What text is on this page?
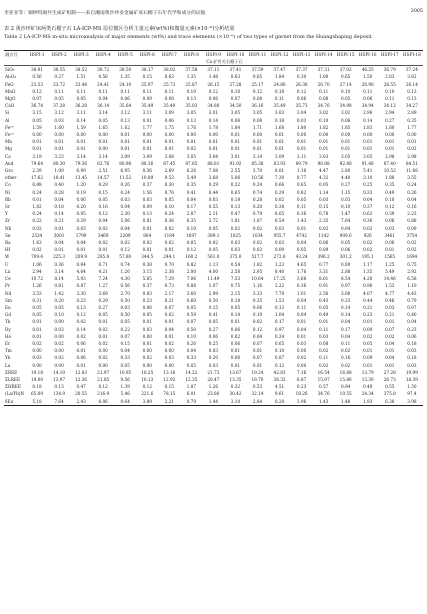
李亚亚等：铜钟钨锡共生成矿机制——来自湘南黄沙坪多金属矿床石榴子石年代学和成分的证据	2005
表 2 黄沙坪矿床两类石榴子石 LA-ICP-MS 原位微区分析主量元素(wt%)和微量元素(×10⁻⁶)分析结果
Table 2 LA-ICP-MS in-situ microanalysis of major elements (wt%) and trace elements (×10⁻⁶) of two types of garnet from the Huangshaping deposit
测点号	HSPI-1	HSPI-2	HSPI-3	HSPI-4	HSPI-5	HSPI-6	HSPI-7	HSPI-8	HSPI-9	HSPI-10	HSPI-11	HSPI-12	HSPI-13	HSPI-14	HSPI-15	HSPI-16	HSPI-17	HSPI-18
	Ca 矿有关石榴子石																	
SiO₂	38.91	38.55	38.52	38.72	38.50	38.17	38.02	37.58	37.11	37.41	37.59	37.47	37.37	37.31	37.02	46.25	36.79	37.24
Al₂O₃	0.56	0.27	1.51	0.56	1.35	0.15	0.63	1.35	1.48	0.63	0.85	1.84	0.30	1.00	0.65	1.50	2.83	3.62
FeO	23.53	23.72	23.48	24.41	24.10	25.97	25.73	25.87	26.15	27.28	25.17	24.80	26.38	26.70	27.14	26.90	26.55	26.14
MnO	0.12	0.11	0.11	0.11	0.11	0.11	0.11	0.10	0.12	0.10	0.12	0.18	0.12	0.11	0.10	0.11	0.10	0.13
MgO	0.07	0.05	0.05	0.04	0.06	0.09	0.08	0.13	0.06	0.07	0.08	0.11	0.06	0.08	0.05	0.06	0.11	0.13
CaO	36.74	37.28	36.28	36.14	35.64	35.49	35.40	35.03	34.88	34.50	36.16	35.49	35.73	34.76	34.98	34.94	34.12	34.27
Si	3.15	3.12	3.11	3.14	3.12	3.11	3.09	3.05	3.01	3.05	3.05	3.03	3.04	3.02	3.02	2.96	2.94	2.89
Al	0.05	0.03	0.14	0.05	0.13	0.01	0.06	0.13	0.14	0.06	0.08	0.18	0.03	0.10	0.06	0.14	0.27	0.35
Fe³⁺	1.59	1.60	1.59	1.65	1.62	1.77	1.75	1.76	1.78	1.84	1.71	1.68	1.80	1.82	1.85	1.83	1.80	1.77
Fe²⁺	0.00	0.00	0.00	0.00	0.01	0.00	0.00	0.00	0.00	0.01	0.00	0.01	0.00	0.00	0.00	0.00	0.00	0.00
Mn	0.01	0.01	0.01	0.01	0.01	0.01	0.01	0.01	0.01	0.01	0.01	0.01	0.01	0.01	0.01	0.01	0.01	0.01
Mg	0.01	0.01	0.01	0.00	0.01	0.01	0.01	0.02	0.01	0.01	0.01	0.01	0.01	0.01	0.01	0.01	0.01	0.02
Ca	3.19	3.23	3.14	3.14	3.09	3.09	3.08	3.05	3.04	3.01	3.14	3.09	3.11	3.03	3.05	3.05	2.98	2.98
And	79.64	80.30	79.36	82.76	80.98	88.36	87.45	87.85	88.81	91.92	85.38	83.93	89.79	90.88	92.48	91.48	87.40	84.51
Gro	2.39	1.09	6.99	2.51	6.95	0.36	2.69	6.26	7.08	2.55	3.70	8.01	1.16	4.47	2.80	5.41	10.52	11.66
other	17.62	18.41	13.45	14.57	11.52	10.89	9.53	5.49	3.68	5.06	10.56	7.30	8.77	4.32	4.40	3.10	1.88	3.55
Co	6.88	0.40	1.20	0.29	0.26	0.37	0.30	0.35	0.29	0.22	0.24	0.66	0.65	0.95	0.27	0.25	0.35	0.24
Ni	0.24	0.28	0.19	0.15	0.24	1.56	0.76	0.41	0.44	0.65	0.74	0.29	0.82	1.14	1.15	0.33	0.49	0.26
Rb	0.01	0.04	0.06	0.05	0.03	0.03	0.05	0.04	0.03	0.18	0.28	0.02	0.05	0.03	0.03	0.04	0.10	0.04
Sr	1.82	0.18	0.20	0.16	0.04	0.09	0.10	0.17	0.55	0.13	0.20	0.38	0.11	0.15	0.10	0.37	0.12	0.16
Y	0.24	0.14	0.95	0.12	2.30	0.13	0.24	2.87	2.11	0.47	0.79	8.05	0.36	0.78	1.47	0.62	0.39	2.23
Zr	0.22	0.21	0.29	0.04	5.06	0.81	0.36	6.35	2.72	1.81	1.87	6.54	1.43	2.35	7.64	0.36	0.06	0.88
Nb	0.02	0.01	0.03	0.02	0.04	0.01	0.02	0.10	0.05	0.02	0.02	0.03	0.01	0.02	0.04	0.02	0.03	0.09
Sn	2534	3001	1799	3469	2209	804	1184	1697	389.1	1025	1034	955.7	4742	1142	909.6	926	3461	3754
Ba	1.63	0.04	0.04	0.02	0.02	0.02	0.02	0.05	0.02	0.03	0.02	0.03	0.04	0.06	0.05	0.02	0.06	0.02
Hf	0.02	0.01	0.01	0.01	0.12	0.01	0.01	0.12	0.05	0.03	0.03	0.09	0.05	0.09	0.06	0.02	0.01	0.02
W	709.4	225.3	209.9	285.8	57.80	344.5	244.1	160.2	561.0	375.0	517.7	272.8	43.24	396.2	301.2	195.1	1565	1694
U	1.06	0.36	0.64	0.71	0.74	0.38	0.70	0.82	1.13	0.54	1.82	1.23	4.65	0.77	0.89	1.17	1.25	0.75
La	2.94	3.14	4.64	4.21	1.26	3.15	2.38	2.00	4.00	2.58	2.95	8.40	1.76	3.31	2.88	1.35	5.49	2.92
Ce	10.72	8.14	5.93	7.24	4.30	5.65	7.29	7.06	11.49	7.53	10.64	17.25	3.68	8.61	8.54	4.20	14.46	6.58
Pr	1.26	0.81	0.87	1.27	0.56	0.37	0.73	0.88	1.07	0.75	1.16	2.22	0.36	0.91	0.97	0.96	1.53	1.10
Nd	3.53	1.42	3.30	3.69	2.70	0.83	2.17	3.60	2.99	2.15	3.33	7.79	1.01	2.56	3.00	4.07	4.77	4.43
Sm	0.31	0.20	0.23	0.29	0.50	0.23	0.21	0.60	0.50	0.18	0.35	1.53	0.04	0.43	0.33	0.44	0.46	0.79
Eu	0.05	0.05	0.13	0.27	0.03	0.06	0.07	0.05	0.15	0.05	0.06	0.13	0.11	0.05	0.14	0.21	0.03	0.07
Gd	0.05	0.10	0.12	0.05	0.50	0.05	0.02	0.59	0.41	0.14	0.19	1.04	0.04	0.49	0.14	0.23	0.21	0.40
Tb	0.01	0.00	0.02	0.01	0.05	0.01	0.01	0.07	0.05	0.01	0.02	0.17	0.01	0.01	0.04	0.01	0.01	0.04
Dy	0.01	0.03	0.14	0.02	0.22	0.03	0.04	0.50	0.27	0.06	0.12	0.97	0.04	0.11	0.17	0.09	0.07	0.23
Ho	0.01	0.00	0.02	0.01	0.07	0.00	0.01	0.10	0.06	0.02	0.04	0.24	0.01	0.03	0.04	0.02	0.02	0.06
Er	0.02	0.02	0.06	0.02	0.15	0.01	0.02	0.26	0.25	0.06	0.07	0.65	0.03	0.08	0.11	0.05	0.04	0.18
Tm	0.00	0.00	0.01	0.00	0.04	0.00	0.00	0.04	0.03	0.01	0.01	0.10	0.00	0.02	0.02	0.01	0.01	0.03
Yb	0.03	0.02	0.06	0.02	0.33	0.02	0.03	0.33	0.20	0.06	0.07	0.87	0.02	0.11	0.16	0.09	0.04	0.18
Lu	0.00	0.00	0.01	0.00	0.05	0.00	0.00	0.05	0.03	0.01	0.01	0.12	0.00	0.02	0.02	0.01	0.01	0.03
ΣREE	19.18	14.10	12.83	21.97	10.95	10.25	13.16	14.22	21.73	13.67	19.24	42.83	7.16	16.54	16.88	13.79	27.28	19.99
ΣLREE	19.00	13.97	12.36	21.85	9.56	10.13	12.92	12.35	20.47	13.35	18.70	38.32	6.87	15.97	15.86	13.30	26.73	18.39
ΣHREE	0.18	0.13	0.47	0.12	1.39	0.12	0.15	1.87	1.26	0.32	0.53	4.51	0.23	0.57	0.94	0.49	0.55	1.50
(La/Yb)N	65.09	134.9	20.55	216.9	5.46	221.6	78.15	6.01	23.80	30.42	32.14	9.61	18.26	34.76	10.55	24.34	375.8	97.4
δEu	5.18	7.64	2.43	8.06	0.64	3.89	2.21	0.79	1.44	3.10	2.84	0.28	3.96	1.43	1.48	1.93	6.38	3.98
